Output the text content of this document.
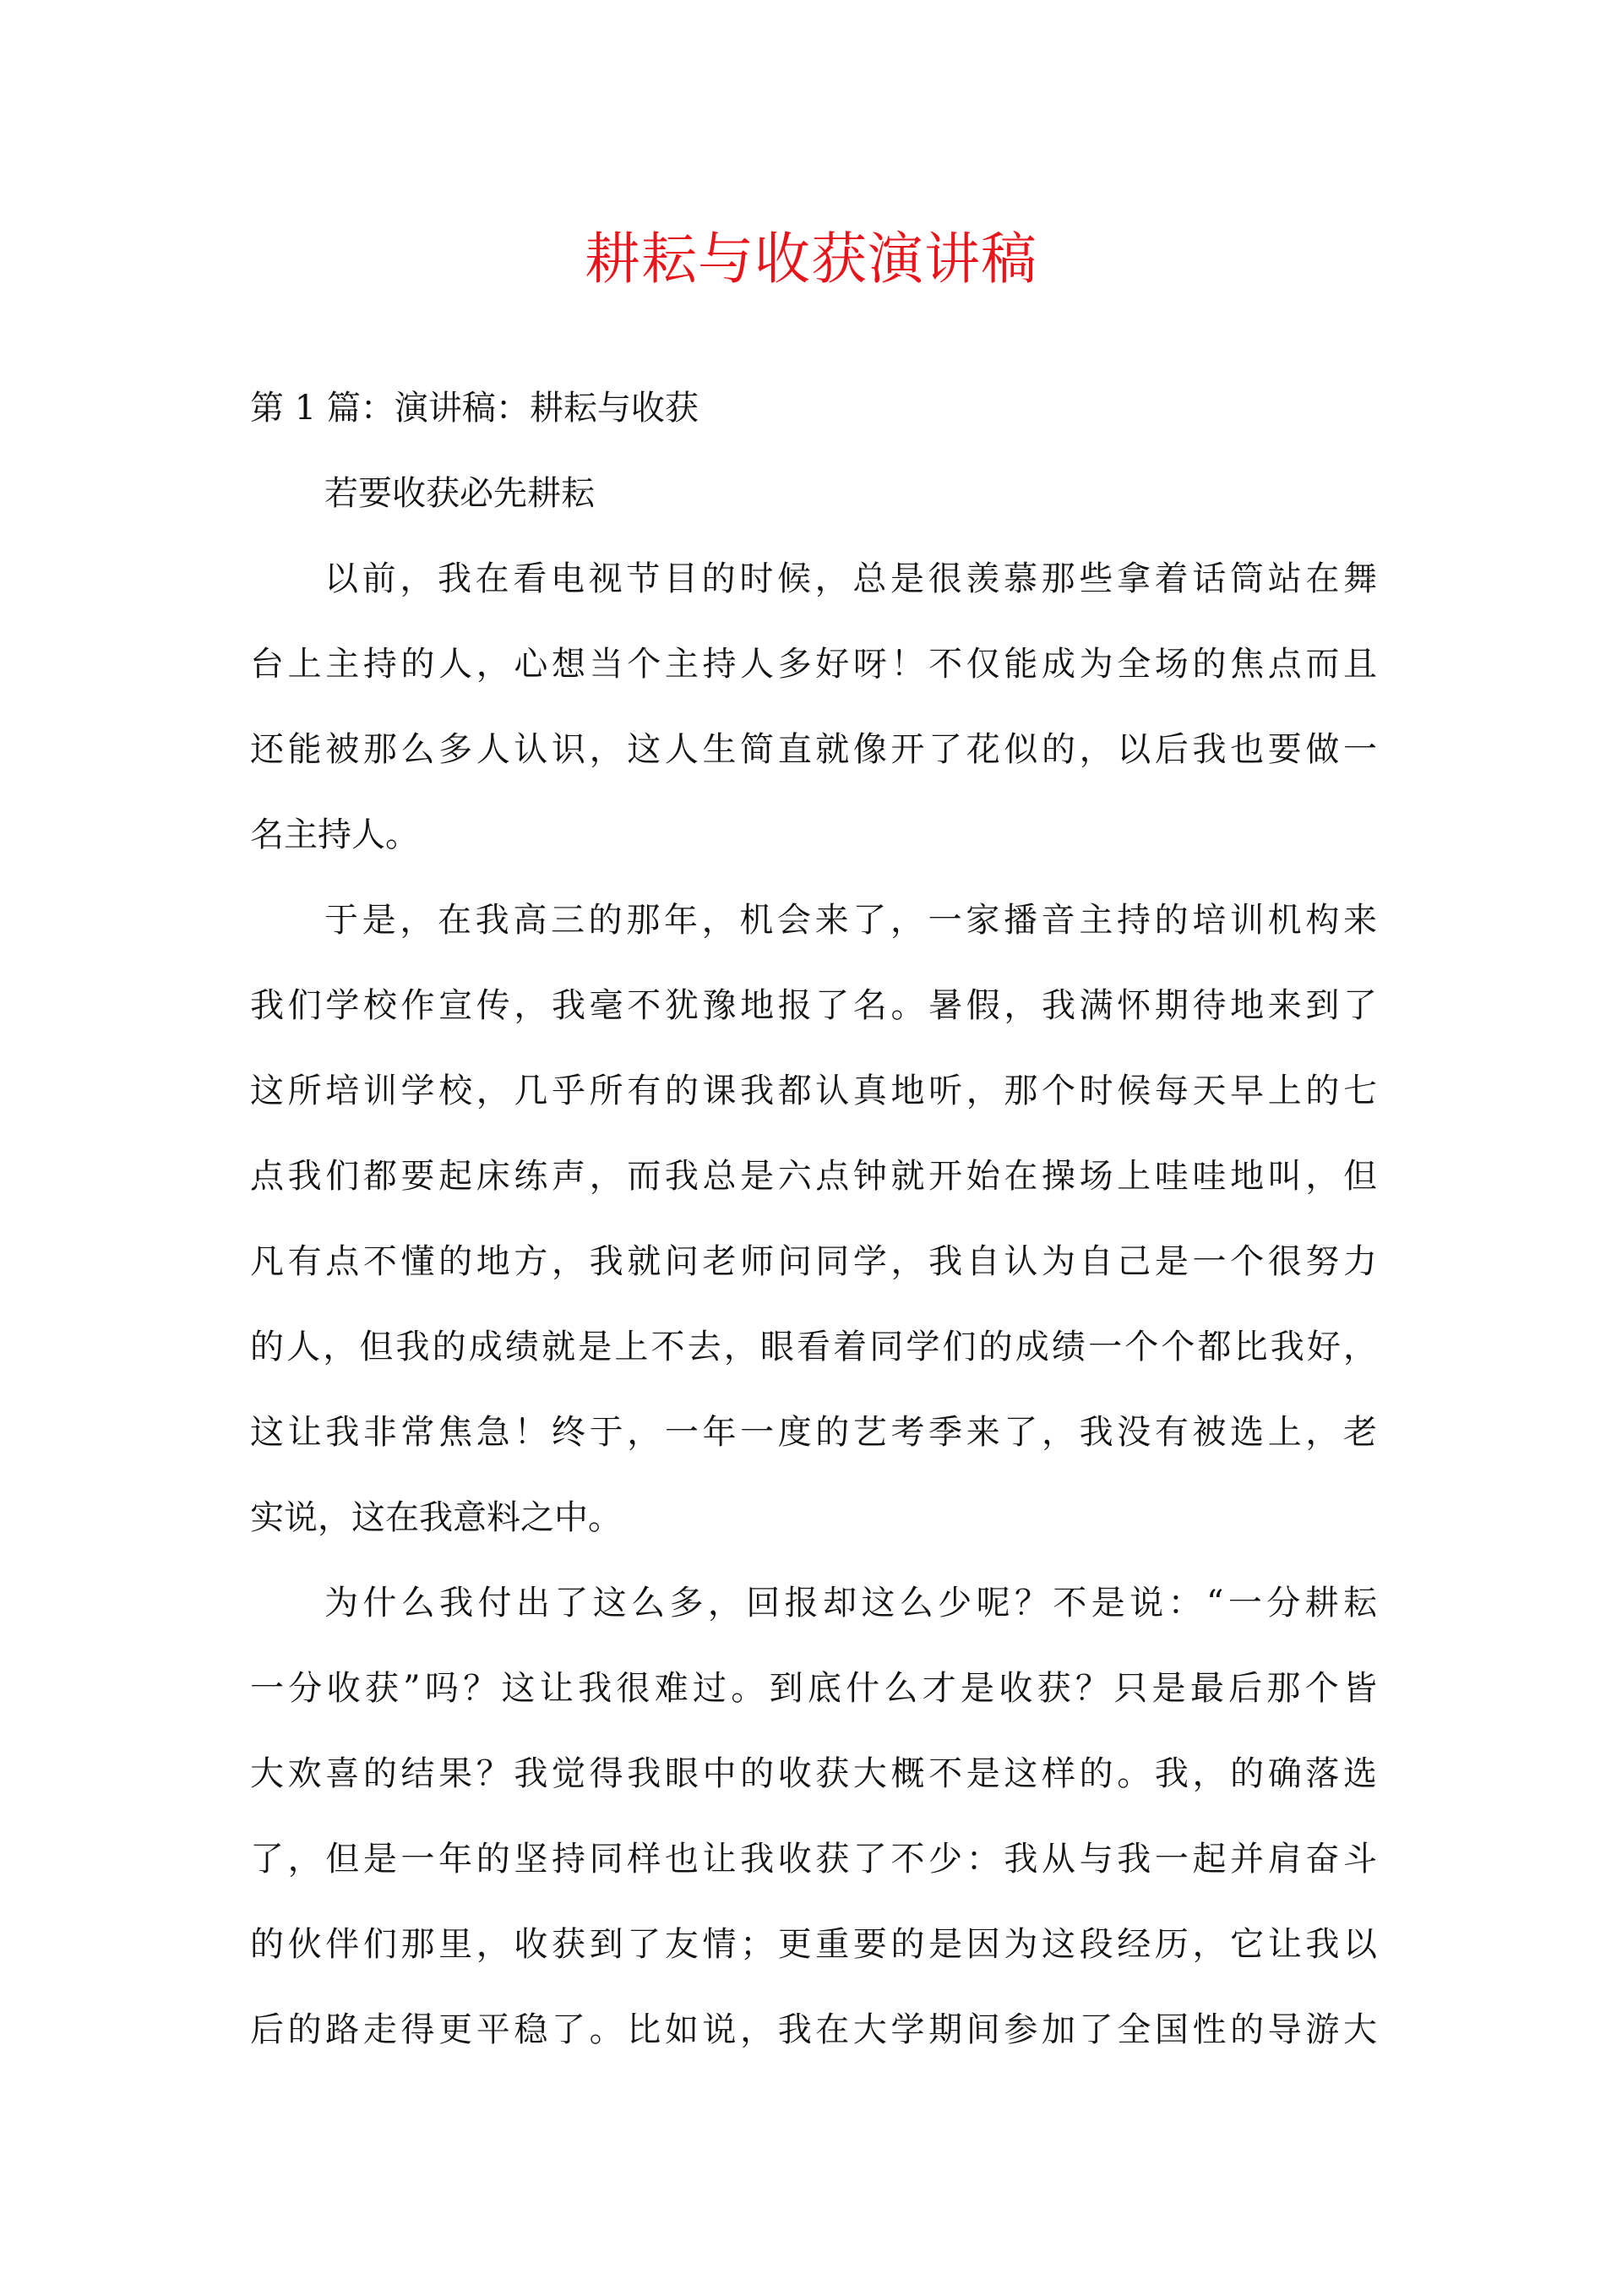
耕耘与收获演讲稿
第 1 篇：演讲稿：耕耘与收获
若要收获必先耕耘
以前，我在看电视节目的时候，总是很羡慕那些拿着话筒站在舞
台上主持的人，心想当个主持人多好呀！不仅能成为全场的焦点而且
还能被那么多人认识，这人生简直就像开了花似的，以后我也要做一
名主持人。
于是，在我高三的那年，机会来了，一家播音主持的培训机构来
我们学校作宣传，我毫不犹豫地报了名。暑假，我满怀期待地来到了
这所培训学校，几乎所有的课我都认真地听，那个时候每天早上的七
点我们都要起床练声，而我总是六点钟就开始在操场上哇哇地叫，但
凡有点不懂的地方，我就问老师问同学，我自认为自己是一个很努力
的人，但我的成绩就是上不去，眼看着同学们的成绩一个个都比我好，
这让我非常焦急！终于，一年一度的艺考季来了，我没有被选上，老
实说，这在我意料之中。
为什么我付出了这么多，回报却这么少呢？不是说：“一分耕耘
一分收获”吗？这让我很难过。到底什么才是收获？只是最后那个皆
大欢喜的结果？我觉得我眼中的收获大概不是这样的。我，的确落选
了，但是一年的坚持同样也让我收获了不少：我从与我一起并肩奋斗
的伙伴们那里，收获到了友情；更重要的是因为这段经历，它让我以
后的路走得更平稳了。比如说，我在大学期间参加了全国性的导游大
